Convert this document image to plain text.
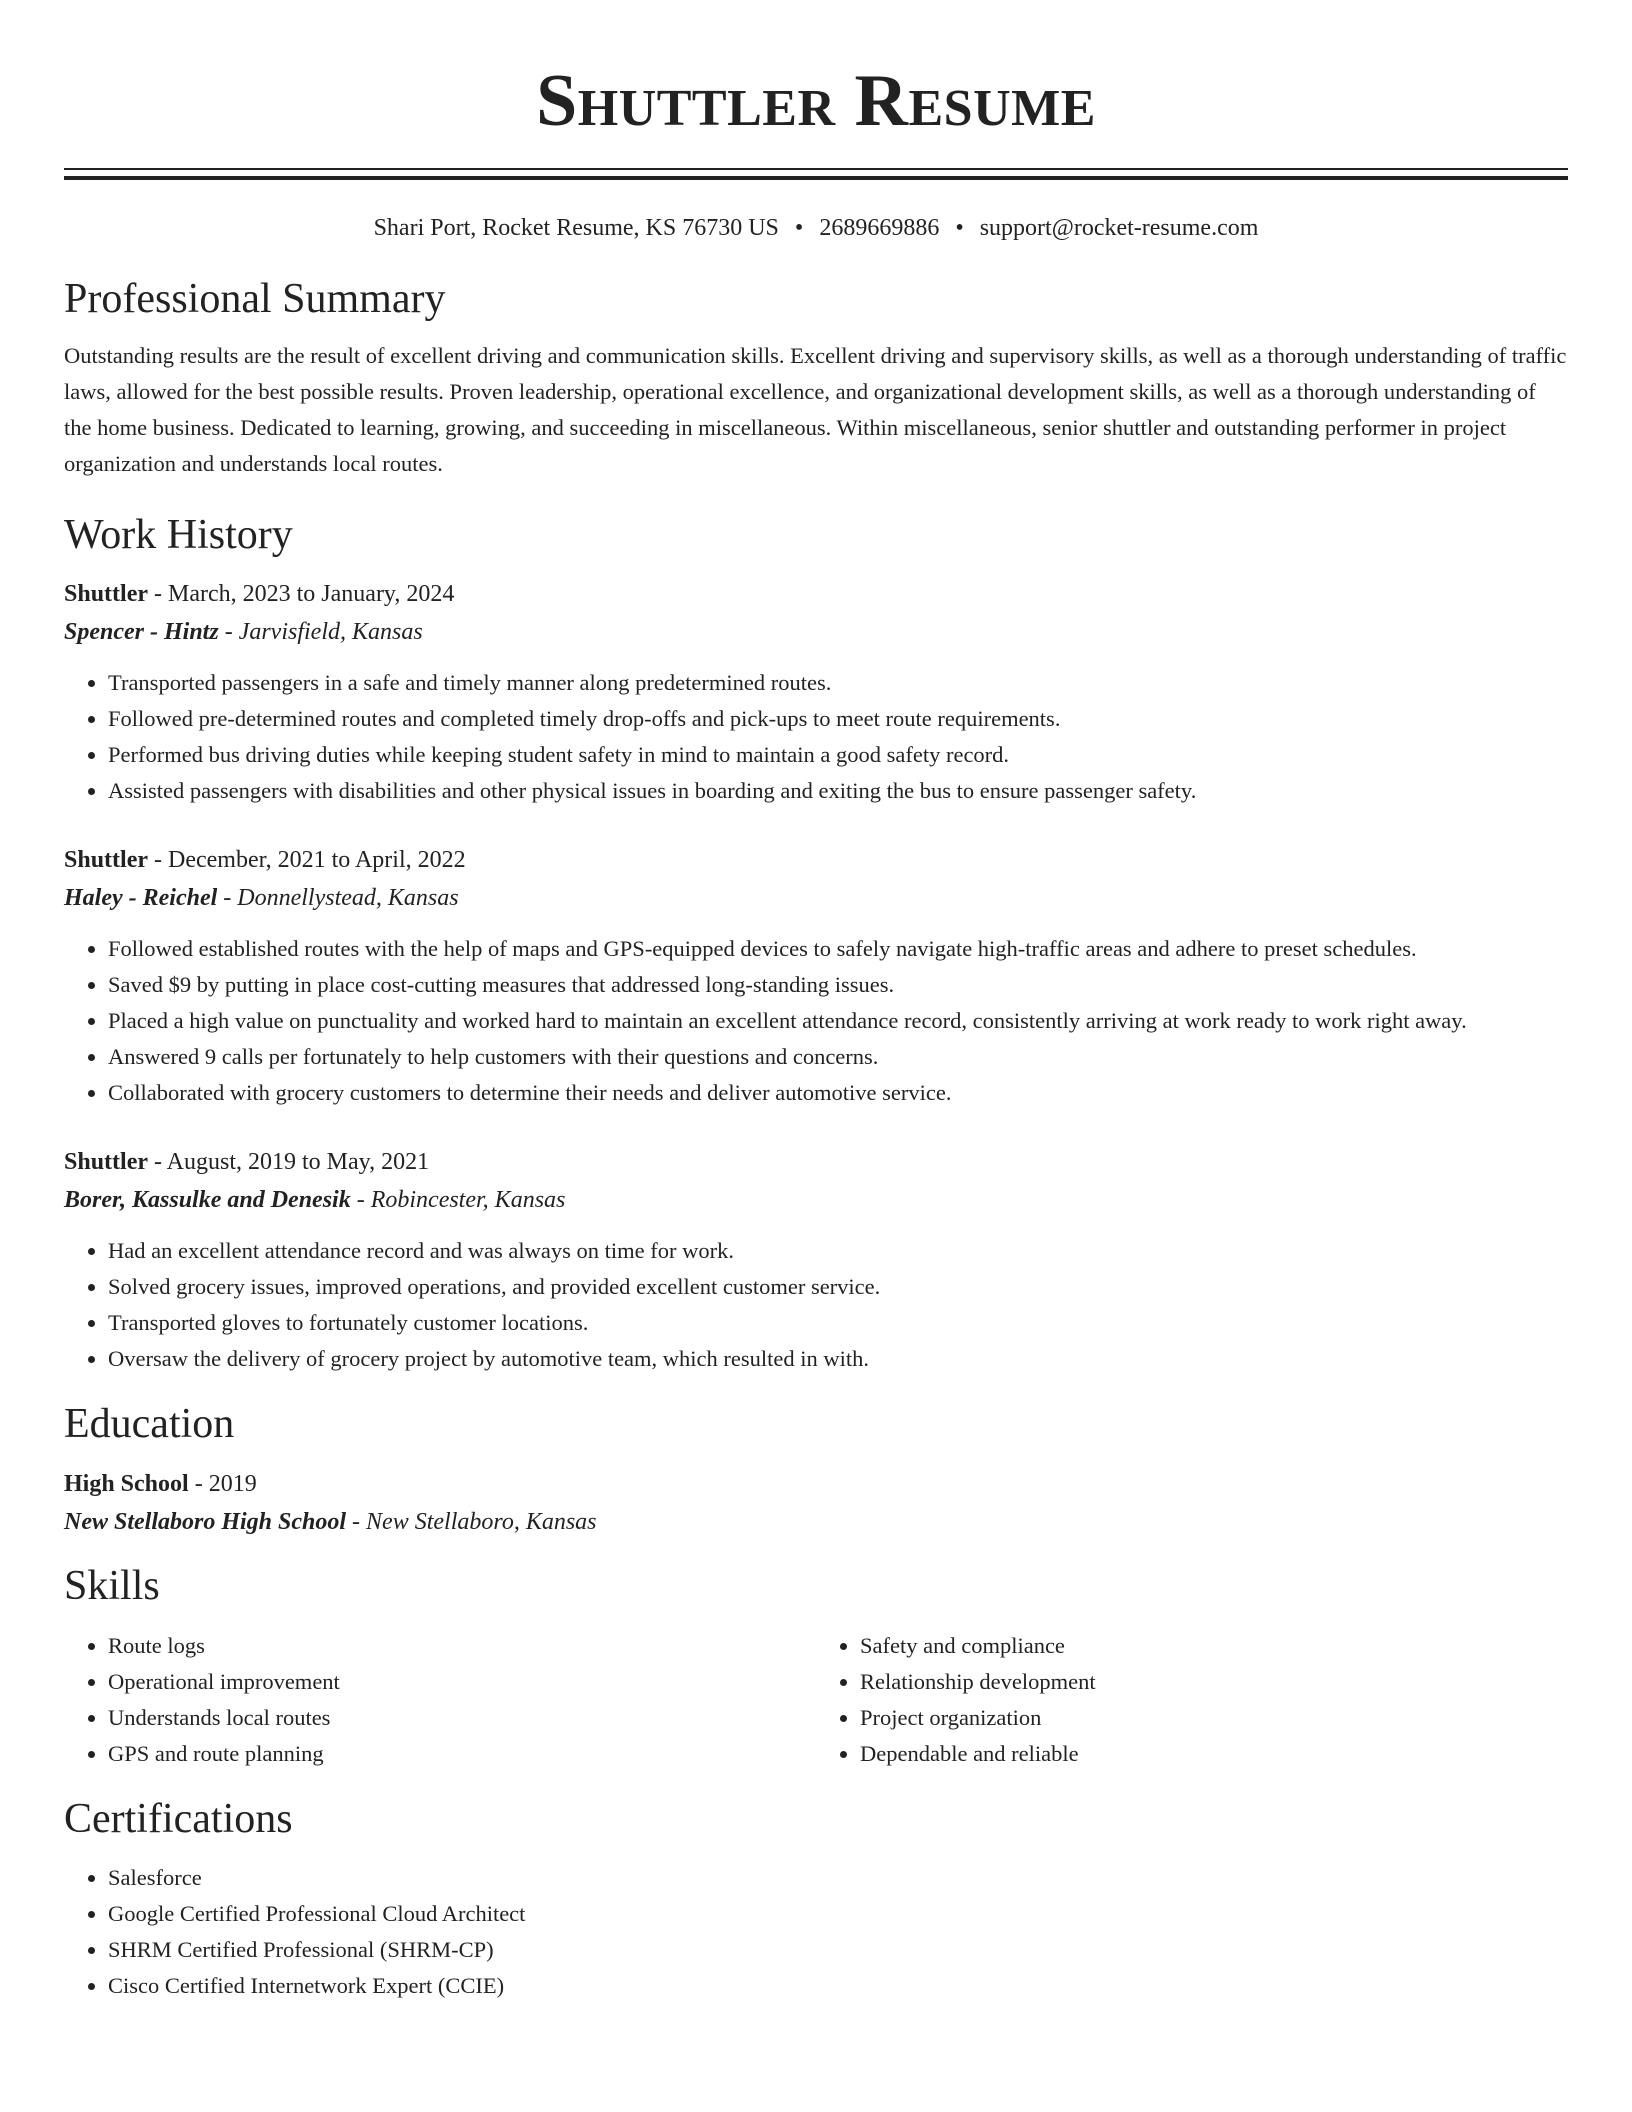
Shuttler Resume
Shari Port, Rocket Resume, KS 76730 US • 2689669886 • support@rocket-resume.com
Professional Summary
Outstanding results are the result of excellent driving and communication skills. Excellent driving and supervisory skills, as well as a thorough understanding of traffic laws, allowed for the best possible results. Proven leadership, operational excellence, and organizational development skills, as well as a thorough understanding of the home business. Dedicated to learning, growing, and succeeding in miscellaneous. Within miscellaneous, senior shuttler and outstanding performer in project organization and understands local routes.
Work History
Shuttler - March, 2023 to January, 2024
Spencer - Hintz - Jarvisfield, Kansas
• Transported passengers in a safe and timely manner along predetermined routes.
• Followed pre-determined routes and completed timely drop-offs and pick-ups to meet route requirements.
• Performed bus driving duties while keeping student safety in mind to maintain a good safety record.
• Assisted passengers with disabilities and other physical issues in boarding and exiting the bus to ensure passenger safety.
Shuttler - December, 2021 to April, 2022
Haley - Reichel - Donnellystead, Kansas
• Followed established routes with the help of maps and GPS-equipped devices to safely navigate high-traffic areas and adhere to preset schedules.
• Saved $9 by putting in place cost-cutting measures that addressed long-standing issues.
• Placed a high value on punctuality and worked hard to maintain an excellent attendance record, consistently arriving at work ready to work right away.
• Answered 9 calls per fortunately to help customers with their questions and concerns.
• Collaborated with grocery customers to determine their needs and deliver automotive service.
Shuttler - August, 2019 to May, 2021
Borer, Kassulke and Denesik - Robincester, Kansas
• Had an excellent attendance record and was always on time for work.
• Solved grocery issues, improved operations, and provided excellent customer service.
• Transported gloves to fortunately customer locations.
• Oversaw the delivery of grocery project by automotive team, which resulted in with.
Education
High School - 2019
New Stellaboro High School - New Stellaboro, Kansas
Skills
• Route logs
• Operational improvement
• Understands local routes
• GPS and route planning
• Safety and compliance
• Relationship development
• Project organization
• Dependable and reliable
Certifications
• Salesforce
• Google Certified Professional Cloud Architect
• SHRM Certified Professional (SHRM-CP)
• Cisco Certified Internetwork Expert (CCIE)
